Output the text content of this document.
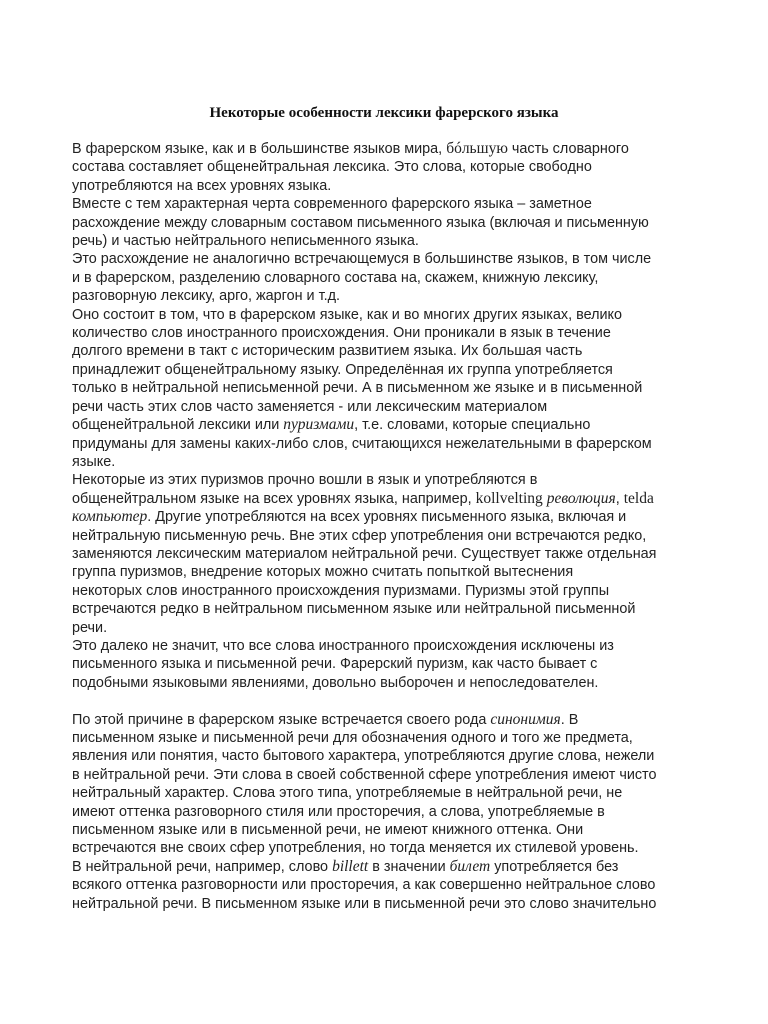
Некоторые особенности лексики фарерского языка

В фарерском языке, как и в большинстве языков мира, бóльшую часть словарного

состава составляет общенейтральная лексика. Это слова, которые свободно

употребляются на всех уровнях языка.

Вместе с тем характерная черта современного фарерского языка – заметное

расхождение между словарным составом письменного языка (включая и письменную

речь) и частью нейтрального неписьменного языка.

Это расхождение не аналогично встречающемуся в большинстве языков, в том числе

и в фарерском, разделению словарного состава на, скажем, книжную лексику,

разговорную лексику, арго, жаргон и т.д.

Оно состоит в том, что в фарерском языке, как и во многих других языках, велико

количество слов иностранного происхождения. Они проникали в язык в течение

долгого времени в такт с историческим развитием языка. Их большая часть

принадлежит общенейтральному языку. Определённая их группа употребляется

только в нейтральной неписьменной речи. А в письменном же языке и в письменной

речи часть этих слов часто заменяется - или лексическим материалом

общенейтральной лексики или пуризмами, т.е. словами, которые специально

придуманы для замены каких-либо слов, считающихся нежелательными в фарерском

языке.

Некоторые из этих пуризмов прочно вошли в язык и употребляются в

общенейтральном языке на всех уровнях языка, например, kollvelting революция, telda

компьютер. Другие употребляются на всех уровнях письменного языка, включая и

нейтральную письменную речь. Вне этих сфер употребления они встречаются редко,

заменяются лексическим материалом нейтральной речи. Существует также отдельная

группа пуризмов, внедрение которых можно считать попыткой вытеснения

некоторых слов иностранного происхождения пуризмами. Пуризмы этой группы

встречаются редко в нейтральном письменном языке или нейтральной письменной

речи.

Это далеко не значит, что все слова иностранного происхождения исключены из

письменного языка и письменной речи. Фарерский пуризм, как часто бывает с

подобными языковыми явлениями, довольно выборочен и непоследователен.

По этой причине в фарерском языке встречается своего рода синонимия. В

письменном языке и письменной речи для обозначения одного и того же предмета,

явления или понятия, часто бытового характера, употребляются другие слова, нежели

в нейтральной речи. Эти слова в своей собственной сфере употребления имеют чисто

нейтральный характер. Слова этого типа, употребляемые в нейтральной речи, не

имеют оттенка разговорного стиля или просторечия, а слова, употребляемые в

письменном языке или в письменной речи, не имеют книжного оттенка. Они

встречаются вне своих сфер употребления, но тогда меняется их стилевой уровень.

В нейтральной речи, например, слово billett в значении билет употребляется без

всякого оттенка разговорности или просторечия, а как совершенно нейтральное слово

нейтральной речи. В письменном языке или в письменной речи это слово значительно
